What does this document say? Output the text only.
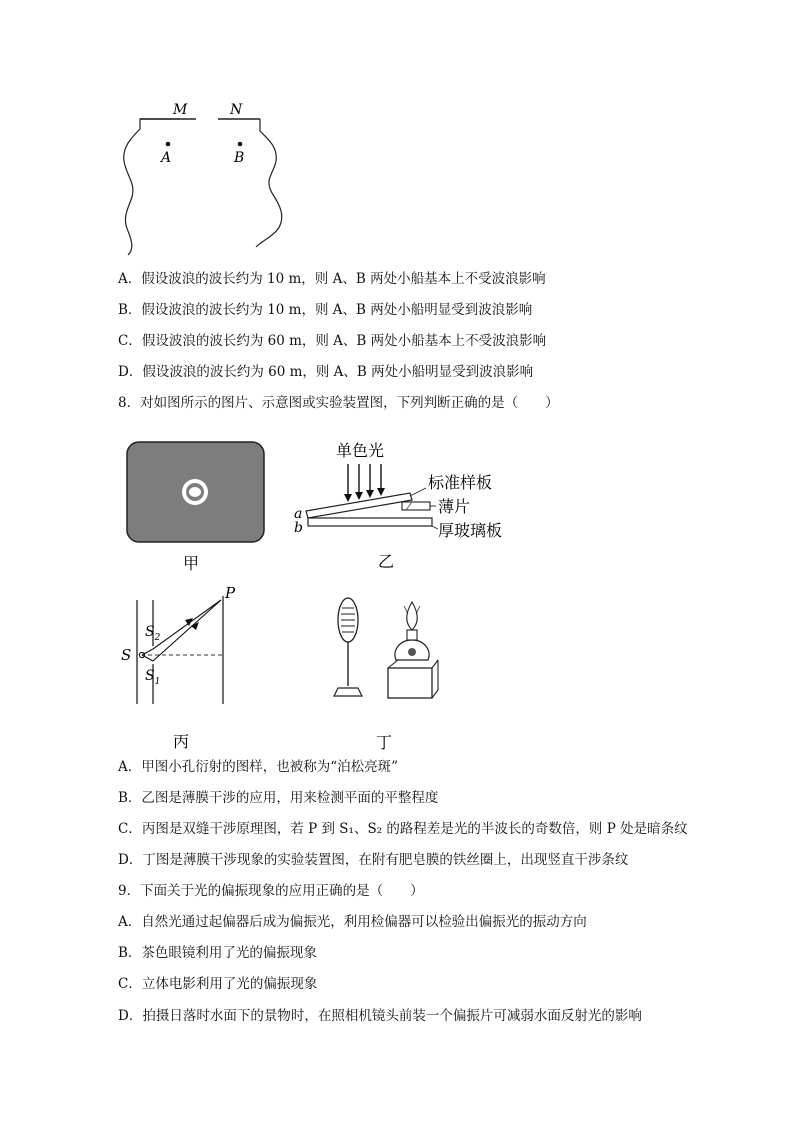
M	N
A	B
A．假设波浪的波长约为 10 m，则 A、B 两处小船基本上不受波浪影响
B．假设波浪的波长约为 10 m，则 A、B 两处小船明显受到波浪影响
C．假设波浪的波长约为 60 m，则 A、B 两处小船基本上不受波浪影响
D．假设波浪的波长约为 60 m，则 A、B 两处小船明显受到波浪影响
8．对如图所示的图片、示意图或实验装置图，下列判断正确的是（　　）
甲
单色光
标准样板
薄片
厚玻璃板
a
b
乙
P
S
$S_2$
$S_1$
丙	丁
A．甲图小孔衍射的图样，也被称为“泊松亮斑”
B．乙图是薄膜干涉的应用，用来检测平面的平整程度
C．丙图是双缝干涉原理图，若 P 到 S₁、S₂ 的路程差是光的半波长的奇数倍，则 P 处是暗条纹
D．丁图是薄膜干涉现象的实验装置图，在附有肥皂膜的铁丝圈上，出现竖直干涉条纹
9．下面关于光的偏振现象的应用正确的是（　　）
A．自然光通过起偏器后成为偏振光，利用检偏器可以检验出偏振光的振动方向
B．茶色眼镜利用了光的偏振现象
C．立体电影利用了光的偏振现象
D．拍摄日落时水面下的景物时，在照相机镜头前装一个偏振片可减弱水面反射光的影响
